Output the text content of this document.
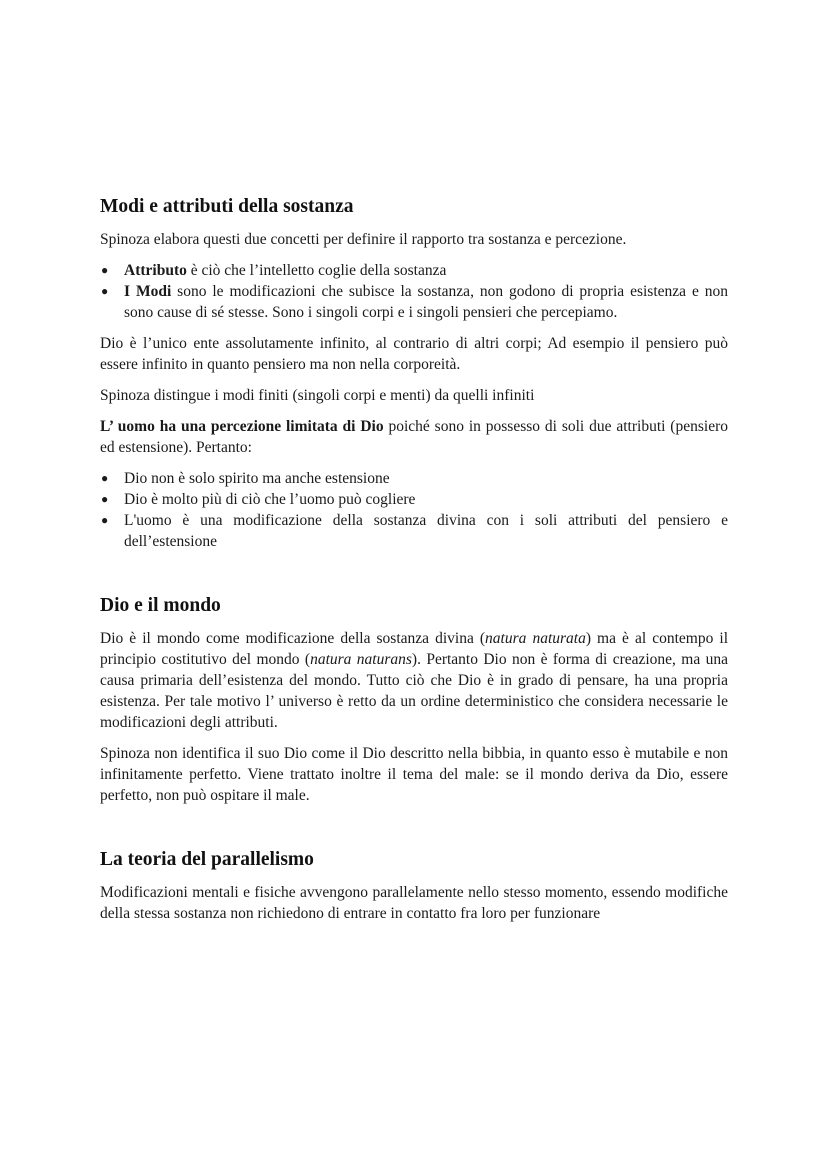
Modi e attributi della sostanza

Spinoza elabora questi due concetti per definire il rapporto tra sostanza e percezione.

● Attributo è ciò che l’intelletto coglie della sostanza
● I Modi sono le modificazioni che subisce la sostanza, non godono di propria esistenza e non sono cause di sé stesse. Sono i singoli corpi e i singoli pensieri che percepiamo.

Dio è l’unico ente assolutamente infinito, al contrario di altri corpi; Ad esempio il pensiero può essere infinito in quanto pensiero ma non nella corporeità.

Spinoza distingue i modi finiti (singoli corpi e menti) da quelli infiniti

L’ uomo ha una percezione limitata di Dio poiché sono in possesso di soli due attributi (pensiero ed estensione). Pertanto:

● Dio non è solo spirito ma anche estensione
● Dio è molto più di ciò che l’uomo può cogliere
● L'uomo è una modificazione della sostanza divina con i soli attributi del pensiero e dell’estensione
Dio e il mondo

Dio è il mondo come modificazione della sostanza divina (natura naturata) ma è al contempo il principio costitutivo del mondo (natura naturans). Pertanto Dio non è forma di creazione, ma una causa primaria dell’esistenza del mondo. Tutto ciò che Dio è in grado di pensare, ha una propria esistenza. Per tale motivo l’ universo è retto da un ordine deterministico che considera necessarie le modificazioni degli attributi.

Spinoza non identifica il suo Dio come il Dio descritto nella bibbia, in quanto esso è mutabile e non infinitamente perfetto. Viene trattato inoltre il tema del male: se il mondo deriva da Dio, essere perfetto, non può ospitare il male.

La teoria del parallelismo

Modificazioni mentali e fisiche avvengono parallelamente nello stesso momento, essendo modifiche della stessa sostanza non richiedono di entrare in contatto fra loro per funzionare
